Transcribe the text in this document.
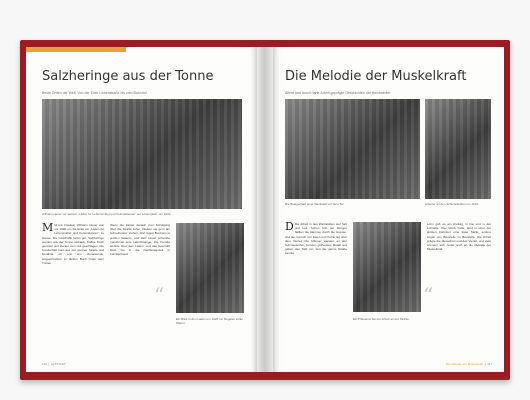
Salzheringe aus der Tonne
Beste Zeiten der Welt: Von der Ecke Löwenstraße bis zum Bahnhof
Wilhelm Heuer vor seinem „Laden für Lebensmittel und Kolonialwaren“ am Löwenplatz, um 1900
M M mit Fräulein Wilhelm Heuer war vor 1900 um die Ecke ein „Laden für Lebensmittel und Kolonialwaren“ zu Hause. Die Geschäfte liefen gut, Salzheringe wurden aus der Tonne verkauft, Kaffee frisch geröstet und Zucker vom Hut geschlagen. Die Kundschaft kam aus der ganzen Straße und bezahlte oft erst am Monatsende, angeschrieben im dicken Buch hinter dem Tresen.
Wenn die Kinder danach zum Schulgang über die Straße liefen, blieben sie gern am Schaufenster stehen. Dort lagen Bonbons in großen Gläsern, und Herr Heuer schenkte manchmal eine Lakritzstange. Die Familie wohnte über dem Laden, und das Geschäft blieb bis in die Nachkriegszeit in Familienhand.
Ein Blick in den Laden um 1920 mit Regalen voller Waren
“
116  |  ALTSTADT
Die Melodie der Muskelkraft
Ältere und durch harte Arbeit geprägte Geschichten der Handwerker
Die Belegschaft einer Werkstatt vor dem Tor	Arbeiter an den Schmiedeöfen um 1910
D Die Arbeit in den Werkstätten war hart und laut. Schon früh am Morgen hallten die Hämmer durch die Gassen, und der Geruch von Eisen und Kohle lag über dem Viertel. Die Männer standen an den Schmiedeöfen, formten glühendes Metall und gaben den Takt vor, den die ganze Straße kannte.
Ein Pflasterer bei der Arbeit an der Straße
“
Lohn gab es am Freitag, in bar und in der Lohntüte. Wer Glück hatte, fand in einer der großen Fabriken eine feste Stelle, andere zogen von Baustelle zu Baustelle. Die Arbeit prägte die Menschen und das Viertel, und viele erinnern sich heute noch an die Melodie der Muskelkraft.
Die Melodie der Muskelkraft  |  117
